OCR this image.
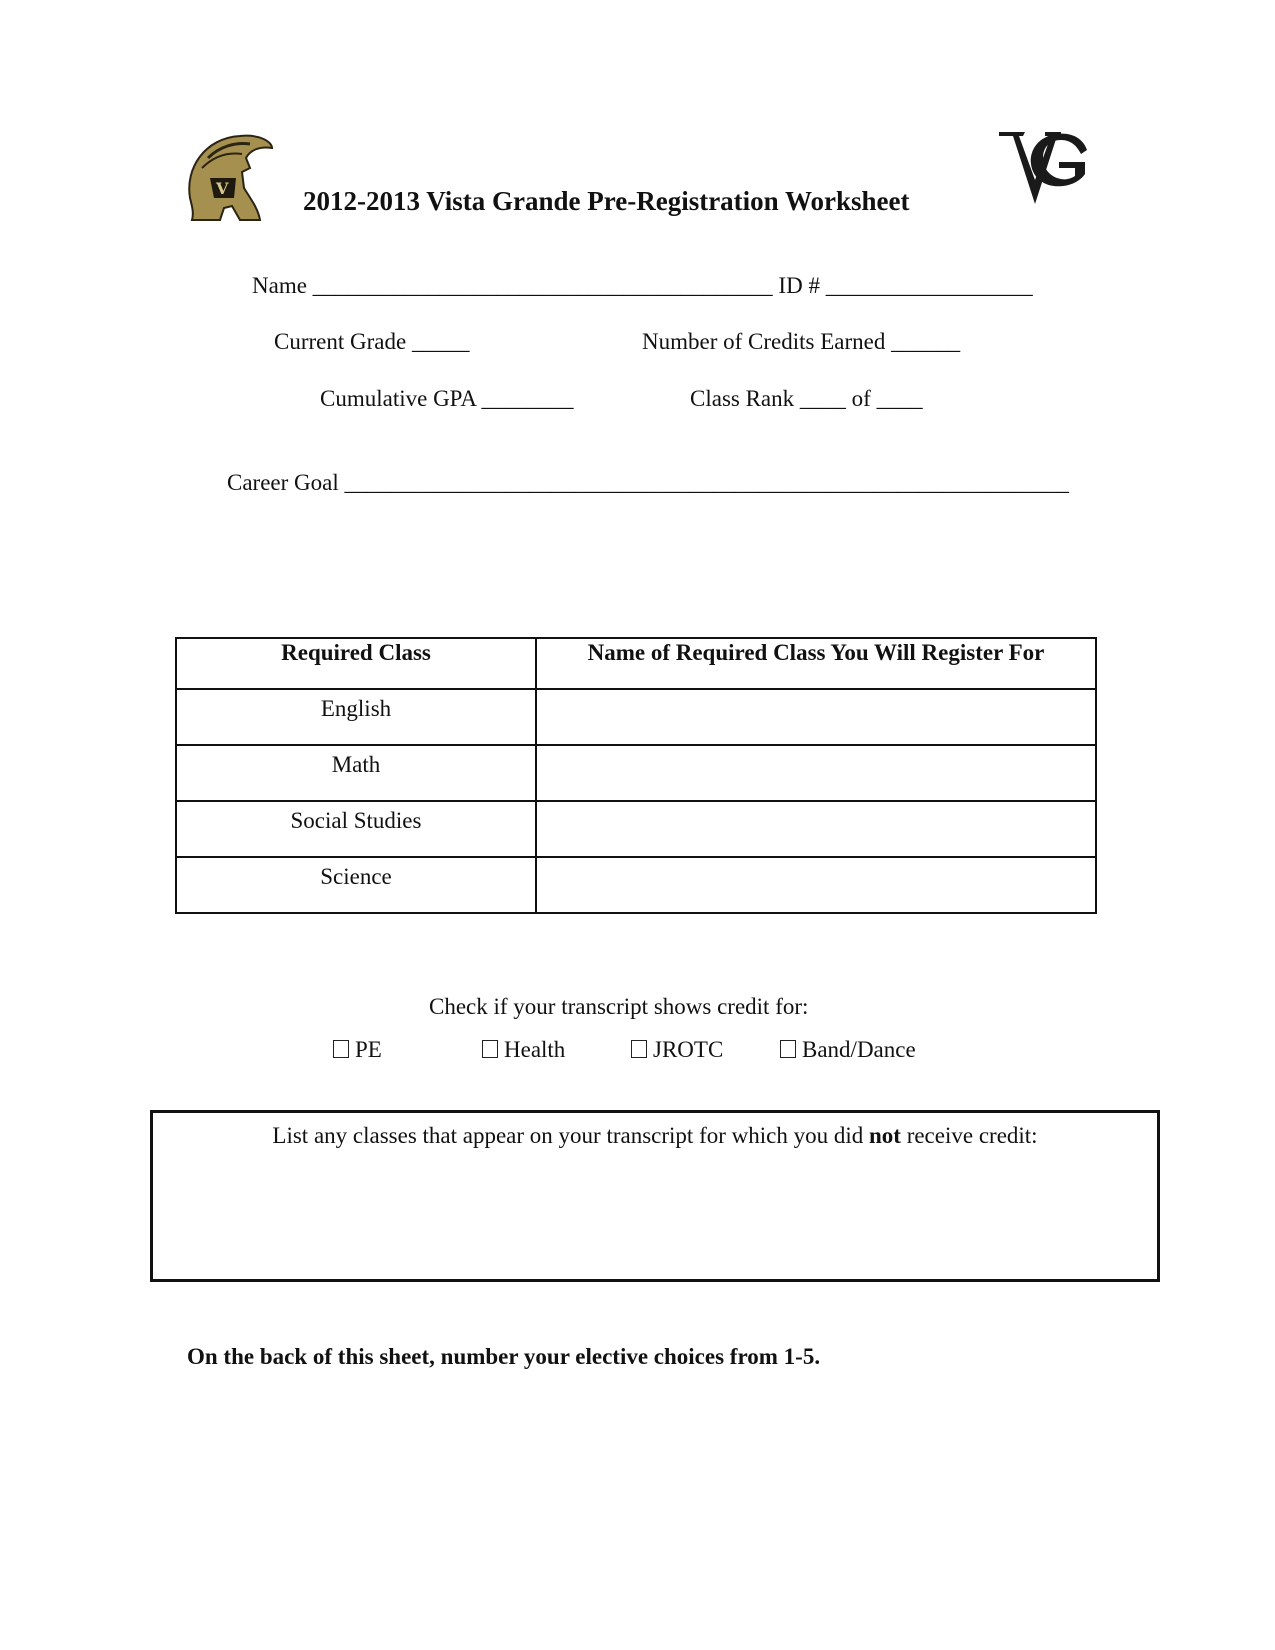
V	2012-2013 Vista Grande Pre-Registration Worksheet
Name ________________________________________ ID # __________________
Current Grade _____	Number of Credits Earned ______
Cumulative GPA ________	Class Rank ____ of ____
Career Goal _______________________________________________________________
Required Class	Name of Required Class You Will Register For
English	
Math	
Social Studies	
Science	
Check if your transcript shows credit for:
PE	Health	JROTC	Band/Dance
List any classes that appear on your transcript for which you did not receive credit:
On the back of this sheet, number your elective choices from 1-5.
